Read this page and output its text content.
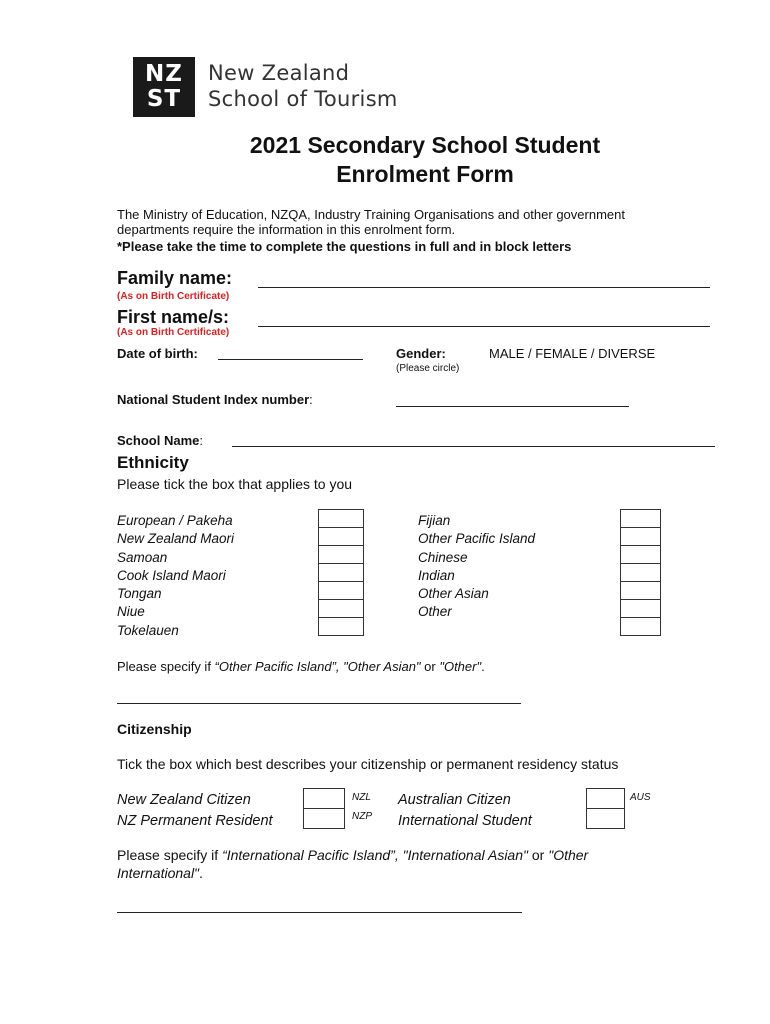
NZ
ST
New Zealand
School of Tourism
2021 Secondary School Student
Enrolment Form
The Ministry of Education, NZQA, Industry Training Organisations and other government
departments require the information in this enrolment form.
*Please take the time to complete the questions in full and in block letters
Family name:
(As on Birth Certificate)
First name/s:
(As on Birth Certificate)
Date of birth:	Gender:	MALE / FEMALE / DIVERSE
(Please circle)
National Student Index number:
School Name:
Ethnicity
Please tick the box that applies to you
European / Pakeha
New Zealand Maori
Samoan
Cook Island Maori
Tongan
Niue
Tokelauen
Fijian
Other Pacific Island
Chinese
Indian
Other Asian
Other
Please specify if “Other Pacific Island”, "Other Asian" or "Other".
Citizenship
Tick the box which best describes your citizenship or permanent residency status
New Zealand Citizen
NZ Permanent Resident
NZL
NZP
Australian Citizen
International Student
AUS
Please specify if “International Pacific Island”, "International Asian" or "Other
International".
